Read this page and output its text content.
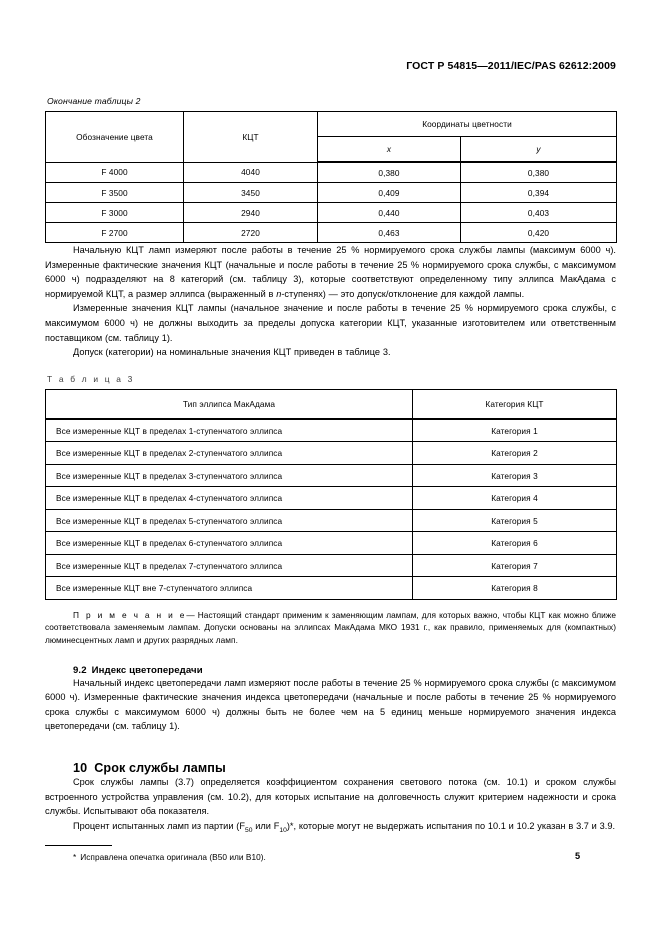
ГОСТ Р 54815—2011/IEC/PAS 62612:2009
Окончание таблицы 2
Обозначение цвета	КЦТ	Координаты цветности	
		x	y
F 4000	4040	0,380	0,380
F 3500	3450	0,409	0,394
F 3000	2940	0,440	0,403
F 2700	2720	0,463	0,420

Начальную КЦТ ламп измеряют после работы в течение 25 % нормируемого срока службы лампы (максимум 6000 ч). Измеренные фактические значения КЦТ (начальные и после работы в течение 25 % нормируемого срока службы, с максимумом 6000 ч) подразделяют на 8 категорий (см. таблицу 3), которые соответствуют определенному типу эллипса МакАдама с нормируемой КЦТ, а размер эллипса (выраженный в n-ступенях) — это допуск/отклонение для каждой лампы.

Измеренные значения КЦТ лампы (начальное значение и после работы в течение 25 % нормируемого срока службы, с максимумом 6000 ч) не должны выходить за пределы допуска категории КЦТ, указанные изготовителем или ответственным поставщиком (см. таблицу 1).

Допуск (категории) на номинальные значения КЦТ приведен в таблице 3.

Т а б л и ц а 3
Тип эллипса МакАдама	Категория КЦТ
Все измеренные КЦТ в пределах 1-ступенчатого эллипса	Категория 1
Все измеренные КЦТ в пределах 2-ступенчатого эллипса	Категория 2
Все измеренные КЦТ в пределах 3-ступенчатого эллипса	Категория 3
Все измеренные КЦТ в пределах 4-ступенчатого эллипса	Категория 4
Все измеренные КЦТ в пределах 5-ступенчатого эллипса	Категория 5
Все измеренные КЦТ в пределах 6-ступенчатого эллипса	Категория 6
Все измеренные КЦТ в пределах 7-ступенчатого эллипса	Категория 7
Все измеренные КЦТ вне 7-ступенчатого эллипса	Категория 8

П р и м е ч а н и е— Настоящий стандарт применим к заменяющим лампам, для которых важно, чтобы КЦТ как можно ближе соответствовала заменяемым лампам. Допуски основаны на эллипсах МакАдама МКО 1931 г., как правило, применяемых для (компактных) люминесцентных ламп и других разрядных ламп.

9.2 Индекс цветопередачи

Начальный индекс цветопередачи ламп измеряют после работы в течение 25 % нормируемого срока службы (с максимумом 6000 ч). Измеренные фактические значения индекса цветопередачи (начальные и после работы в течение 25 % нормируемого срока службы с максимумом 6000 ч) должны быть не более чем на 5 единиц меньше нормируемого значения индекса цветопередачи (см. таблицу 1).

10 Срок службы лампы

Срок службы лампы (3.7) определяется коэффициентом сохранения светового потока (см. 10.1) и сроком службы встроенного устройства управления (см. 10.2), для которых испытание на долговечность служит критерием надежности и срока службы. Испытывают оба показателя.

Процент испытанных ламп из партии ($F_{50}$ или $F_{10})*$, которые могут не выдержать испытания по 10.1 и 10.2 указан в 3.7 и 3.9.

* Исправлена опечатка оригинала (В50 или В10).	5
